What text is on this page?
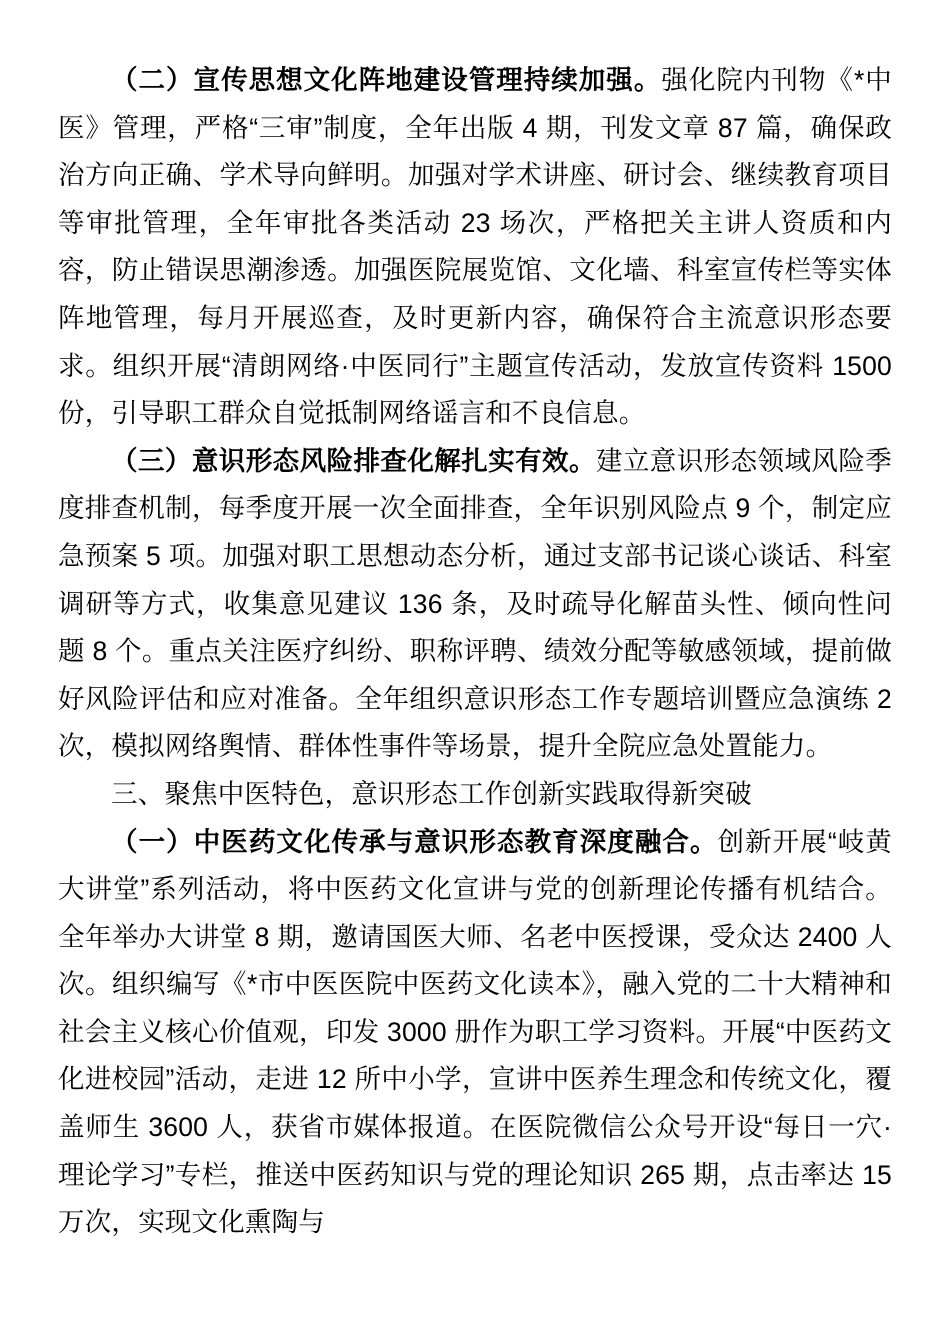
（二）宣传思想文化阵地建设管理持续加强。强化院内刊物《*中医》管理，严格“三审”制度，全年出版 4 期，刊发文章 87 篇，确保政治方向正确、学术导向鲜明。加强对学术讲座、研讨会、继续教育项目等审批管理，全年审批各类活动 23 场次，严格把关主讲人资质和内容，防止错误思潮渗透。加强医院展览馆、文化墙、科室宣传栏等实体阵地管理，每月开展巡查，及时更新内容，确保符合主流意识形态要求。组织开展“清朗网络·中医同行”主题宣传活动，发放宣传资料 1500 份，引导职工群众自觉抵制网络谣言和不良信息。

（三）意识形态风险排查化解扎实有效。建立意识形态领域风险季度排查机制，每季度开展一次全面排查，全年识别风险点 9 个，制定应急预案 5 项。加强对职工思想动态分析，通过支部书记谈心谈话、科室调研等方式，收集意见建议 136 条，及时疏导化解苗头性、倾向性问题 8 个。重点关注医疗纠纷、职称评聘、绩效分配等敏感领域，提前做好风险评估和应对准备。全年组织意识形态工作专题培训暨应急演练 2 次，模拟网络舆情、群体性事件等场景，提升全院应急处置能力。

三、聚焦中医特色，意识形态工作创新实践取得新突破

（一）中医药文化传承与意识形态教育深度融合。创新开展“岐黄大讲堂”系列活动，将中医药文化宣讲与党的创新理论传播有机结合。全年举办大讲堂 8 期，邀请国医大师、名老中医授课，受众达 2400 人次。组织编写《*市中医医院中医药文化读本》，融入党的二十大精神和社会主义核心价值观，印发 3000 册作为职工学习资料。开展“中医药文化进校园”活动，走进 12 所中小学，宣讲中医养生理念和传统文化，覆盖师生 3600 人，获省市媒体报道。在医院微信公众号开设“每日一穴·理论学习”专栏，推送中医药知识与党的理论知识 265 期，点击率达 15 万次，实现文化熏陶与
